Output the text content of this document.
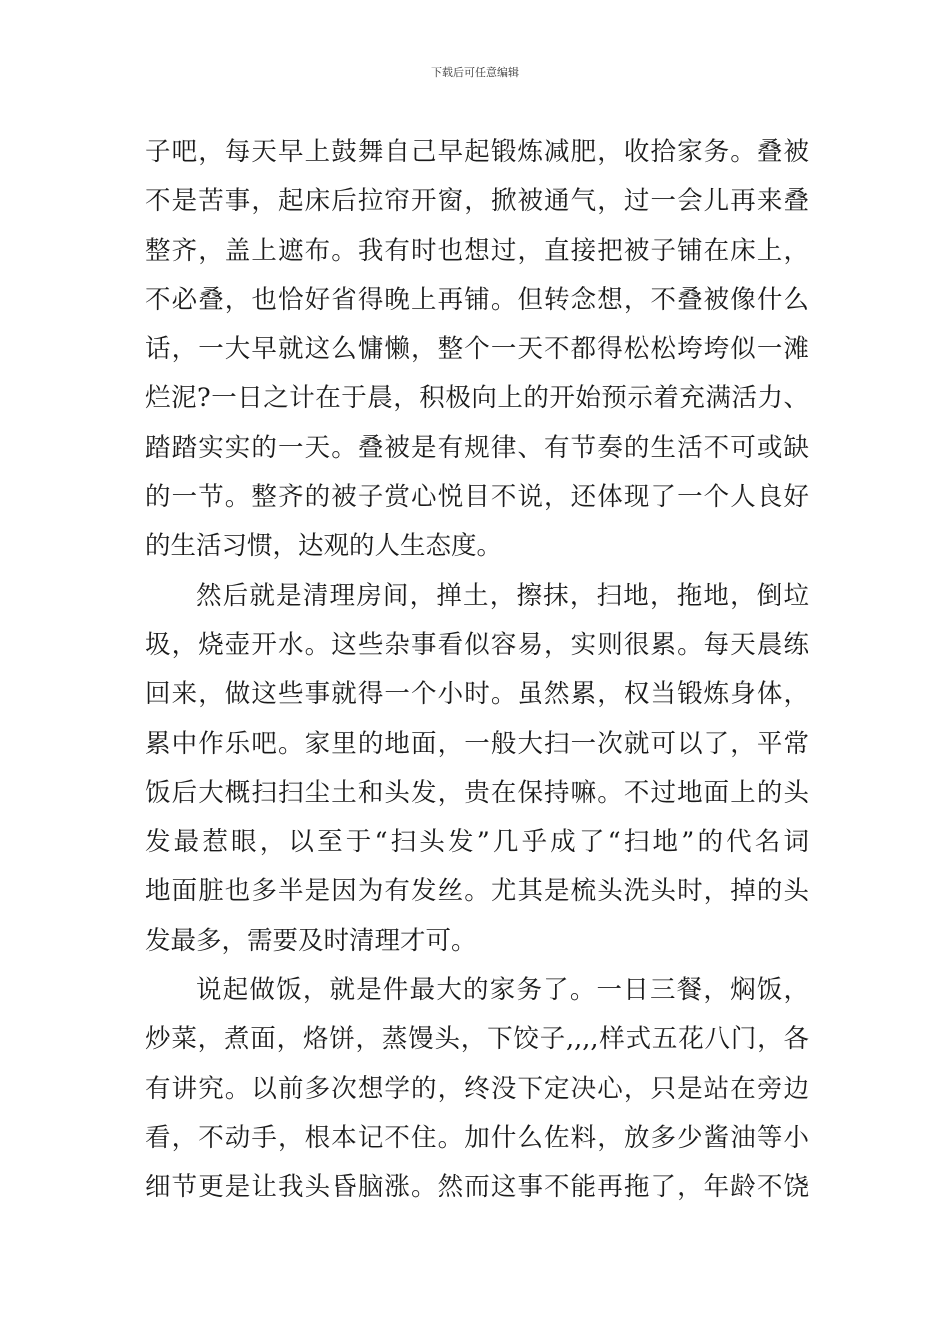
下载后可任意编辑
子吧，每天早上鼓舞自己早起锻炼减肥，收拾家务。叠被
不是苦事，起床后拉帘开窗，掀被通气，过一会儿再来叠
整齐，盖上遮布。我有时也想过，直接把被子铺在床上，
不必叠，也恰好省得晚上再铺。但转念想，不叠被像什么
话，一大早就这么慵懒，整个一天不都得松松垮垮似一滩
烂泥?一日之计在于晨，积极向上的开始预示着充满活力、
踏踏实实的一天。叠被是有规律、有节奏的生活不可或缺
的一节。整齐的被子赏心悦目不说，还体现了一个人良好
的生活习惯，达观的人生态度。
然后就是清理房间，掸土，擦抹，扫地，拖地，倒垃
圾，烧壶开水。这些杂事看似容易，实则很累。每天晨练
回来，做这些事就得一个小时。虽然累，权当锻炼身体，
累中作乐吧。家里的地面，一般大扫一次就可以了，平常
饭后大概扫扫尘土和头发，贵在保持嘛。不过地面上的头
发最惹眼，以至于“扫头发”几乎成了“扫地”的代名词
地面脏也多半是因为有发丝。尤其是梳头洗头时，掉的头
发最多，需要及时清理才可。
说起做饭，就是件最大的家务了。一日三餐，焖饭，
炒菜，煮面，烙饼，蒸馒头，下饺子,,,,样式五花八门，各
有讲究。以前多次想学的，终没下定决心，只是站在旁边
看，不动手，根本记不住。加什么佐料，放多少酱油等小
细节更是让我头昏脑涨。然而这事不能再拖了，年龄不饶
